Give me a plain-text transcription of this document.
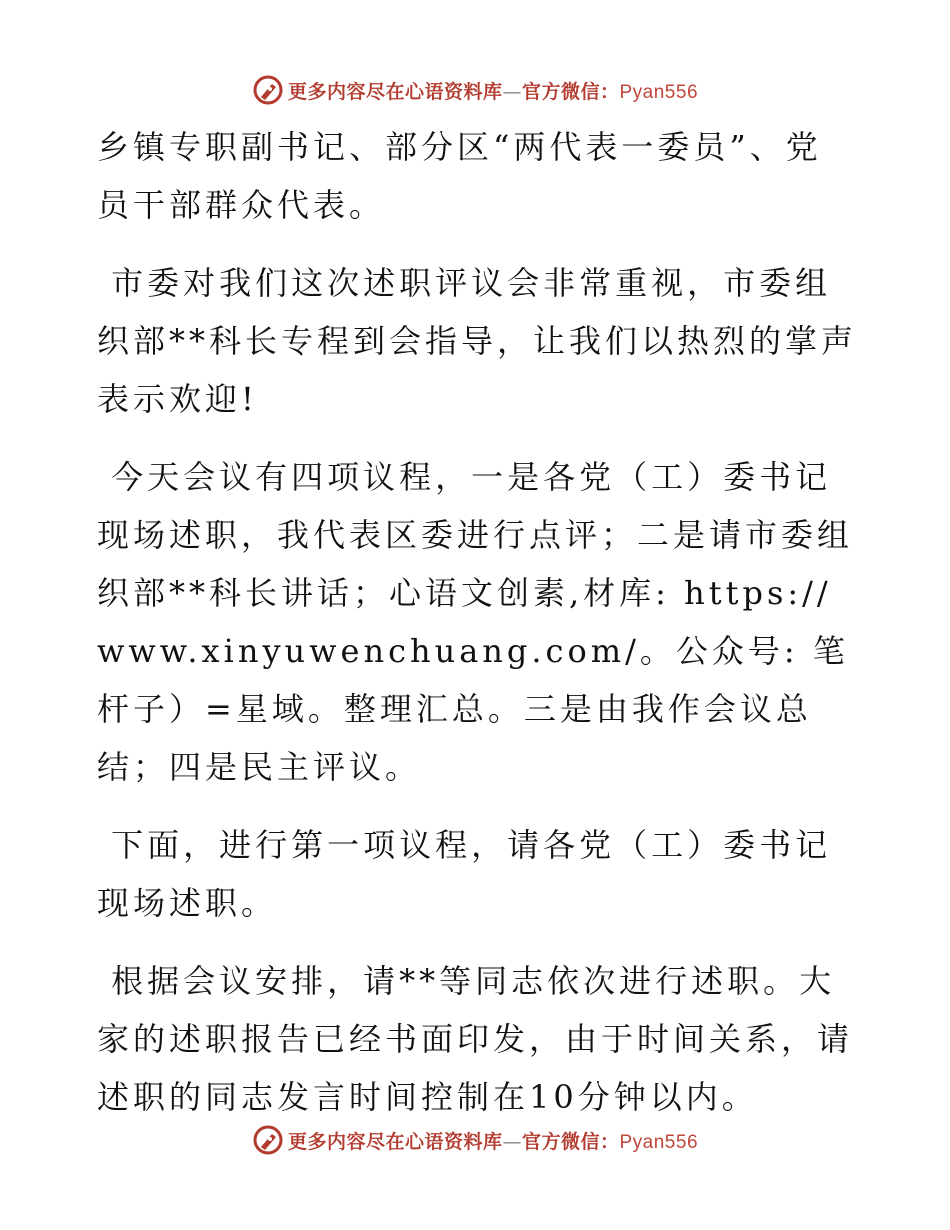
更多内容尽在心语资料库—官方微信：Pyan556

乡镇专职副书记、部分区“两代表一委员”、党员干部群众代表。

市委对我们这次述职评议会非常重视，市委组织部**科长专程到会指导，让我们以热烈的掌声表示欢迎!

今天会议有四项议程，一是各党（工）委书记现场述职，我代表区委进行点评；二是请市委组织部**科长讲话；心语文创素,材库: https://www.xinyuwenchuang.com/。公众号: 笔杆子）=星域。整理汇总。三是由我作会议总结；四是民主评议。

下面，进行第一项议程，请各党（工）委书记现场述职。

根据会议安排，请**等同志依次进行述职。大家的述职报告已经书面印发，由于时间关系，请述职的同志发言时间控制在10分钟以内。

更多内容尽在心语资料库—官方微信：Pyan556
